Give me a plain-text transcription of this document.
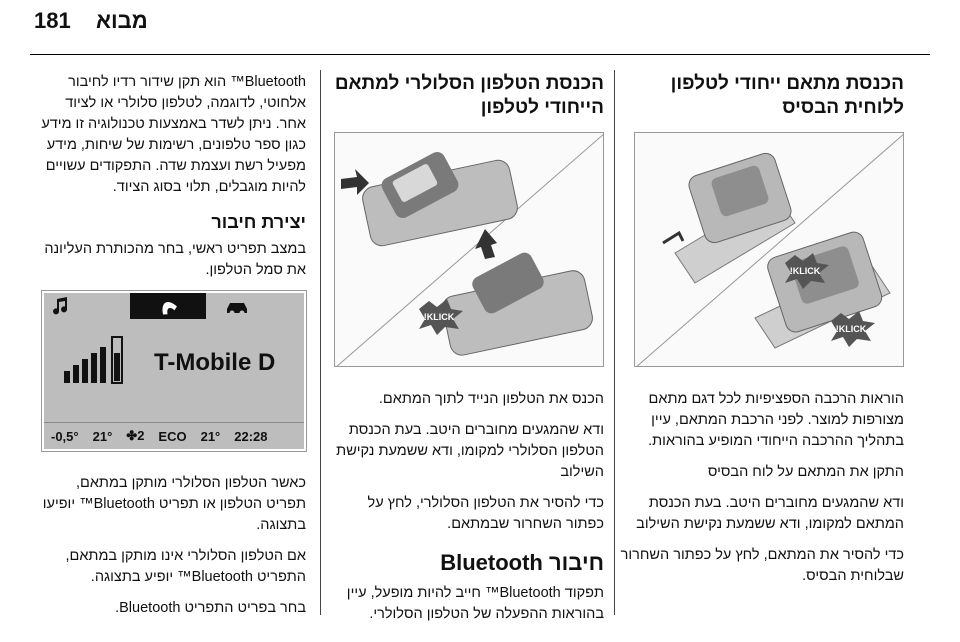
מבוא
181
הכנסת מתאם ייחודי לטלפון ללוחית הבסיס
KLICK!
KLICK!

הוראות הרכבה הספציפיות לכל דגם מתאם מצורפות למוצר. לפני הרכבת המתאם, עיין בתהליך ההרכבה הייחודי המופיע בהוראות.

התקן את המתאם על לוח הבסיס

ודא שהמגעים מחוברים היטב. בעת הכנסת המתאם למקומו, ודא ששמעת נקישת השילוב

כדי להסיר את המתאם, לחץ על כפתור השחרור שבלוחית הבסיס.

הכנסת הטלפון הסלולרי למתאם הייחודי לטלפון
KLICK!

הכנס את הטלפון הנייד לתוך המתאם.

ודא שהמגעים מחוברים היטב. בעת הכנסת הטלפון הסלולרי למקומו, ודא ששמעת נקישת השילוב

כדי להסיר את הטלפון הסלולרי, לחץ על כפתור השחרור שבמתאם.

חיבור Bluetooth

תפקוד Bluetooth™ חייב להיות מופעל, עיין בהוראות ההפעלה של הטלפון הסלולרי.

Bluetooth™ הוא תקן שידור רדיו לחיבור אלחוטי, לדוגמה, לטלפון סלולרי או לציוד אחר. ניתן לשדר באמצעות טכנולוגיה זו מידע כגון ספר טלפונים, רשימות של שיחות, מידע מפעיל רשת ועצמת שדה. התפקודים עשויים להיות מוגבלים, תלוי בסוג הציוד.

יצירת חיבור

במצב תפריט ראשי, בחר מהכותרת העליונה את סמל הטלפון.

T-Mobile D
-0,5°	21°	✤2	ECO	21°	22:28

כאשר הטלפון הסלולרי מותקן במתאם, תפריט הטלפון או תפריט Bluetooth™ יופיעו בתצוגה.

אם הטלפון הסלולרי אינו מותקן במתאם, התפריט Bluetooth™ יופיע בתצוגה.

בחר בפריט התפריט Bluetooth.
